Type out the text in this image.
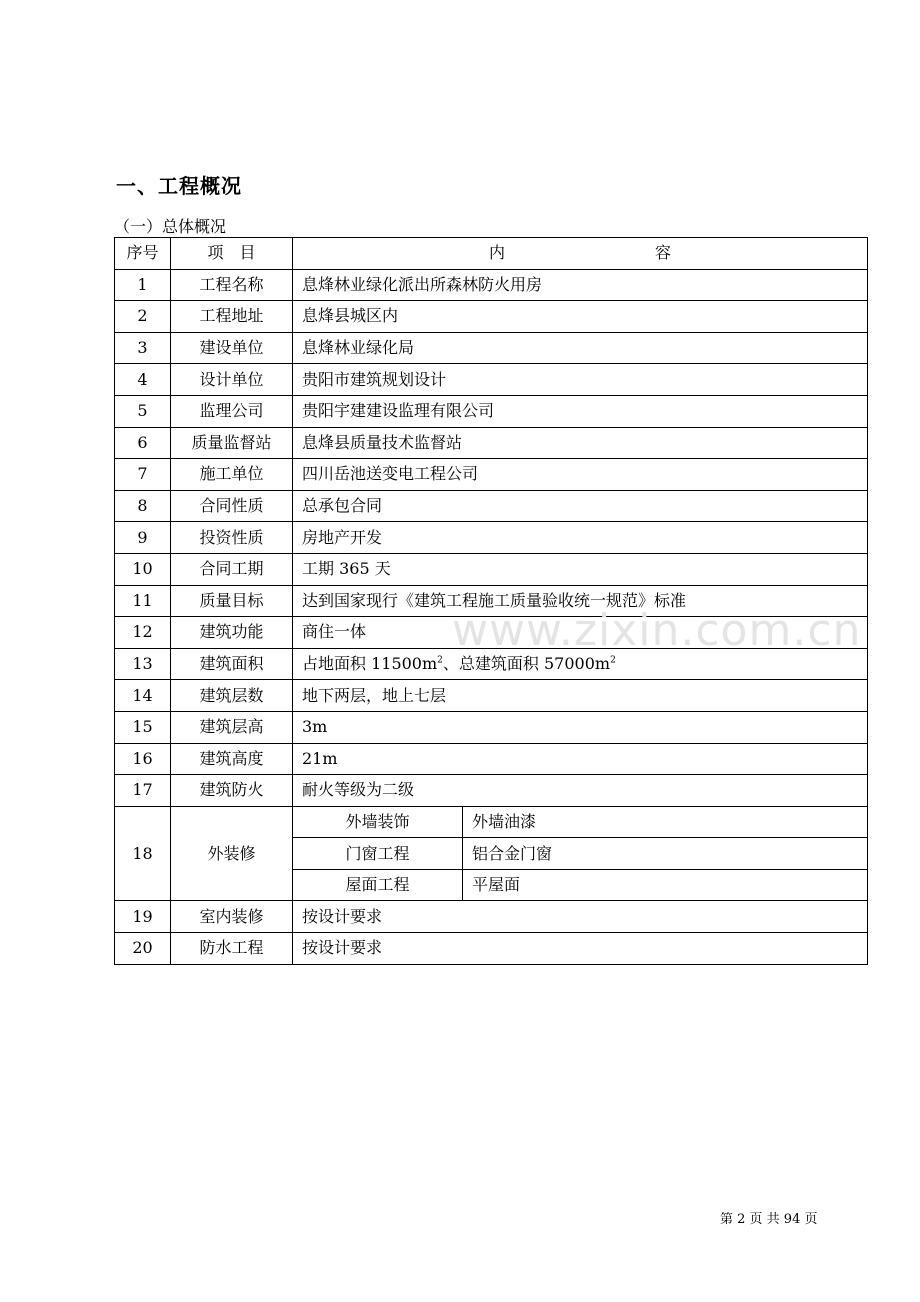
一、工程概况
（一）总体概况
序号	项　目	内 容	
1	工程名称	息烽林业绿化派出所森林防火用房	
2	工程地址	息烽县城区内	
3	建设单位	息烽林业绿化局	
4	设计单位	贵阳市建筑规划设计	
5	监理公司	贵阳宇建建设监理有限公司	
6	质量监督站	息烽县质量技术监督站	
7	施工单位	四川岳池送变电工程公司	
8	合同性质	总承包合同	
9	投资性质	房地产开发	
10	合同工期	工期 365 天	
11	质量目标	达到国家现行《建筑工程施工质量验收统一规范》标准	
12	建筑功能	商住一体	
13	建筑面积	占地面积 $11500m^2$、总建筑面积 $57000m^2$
14	建筑层数	地下两层，地上七层	
15	建筑层高	3m	
16	建筑高度	21m	
17	建筑防火	耐火等级为二级	
18	外装修	外墙装饰	外墙油漆
		门窗工程	铝合金门窗
		屋面工程	平屋面
19	室内装修	按设计要求	
20	防水工程	按设计要求	
www.zixin.com.cn
第 2 页 共 94 页
